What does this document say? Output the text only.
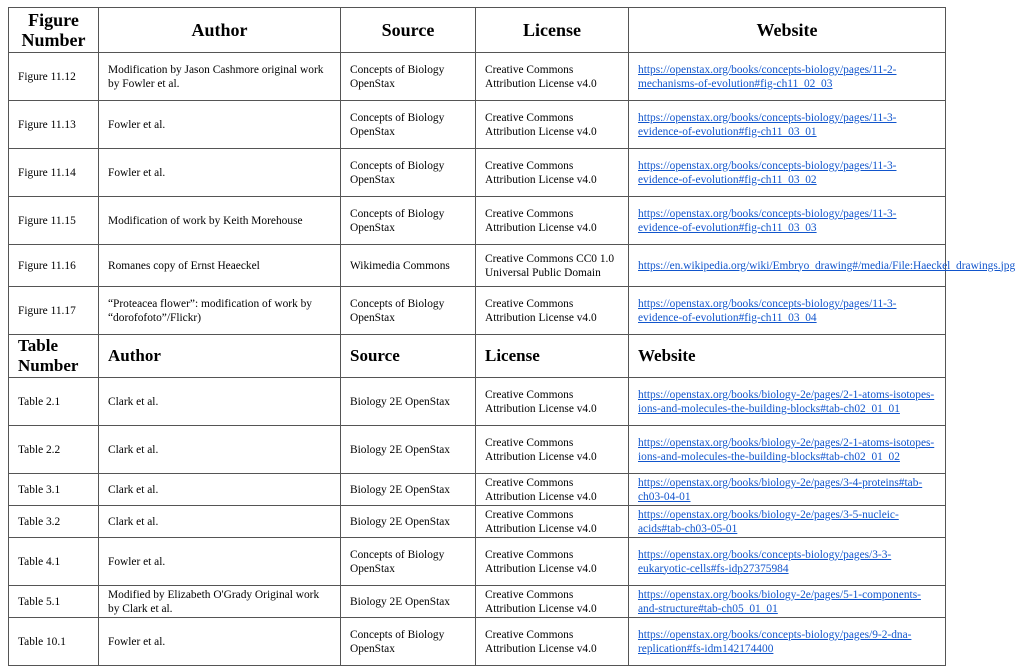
Figure Number	Author	Source	License	Website
Figure 11.12	Modification by Jason Cashmore original work by Fowler et al.	Concepts of Biology OpenStax	Creative Commons Attribution License v4.0	https://openstax.org/books/concepts-biology/pages/11-2-mechanisms-of-evolution#fig-ch11_02_03
Figure 11.13	Fowler et al.	Concepts of Biology OpenStax	Creative Commons Attribution License v4.0	https://openstax.org/books/concepts-biology/pages/11-3-evidence-of-evolution#fig-ch11_03_01
Figure 11.14	Fowler et al.	Concepts of Biology OpenStax	Creative Commons Attribution License v4.0	https://openstax.org/books/concepts-biology/pages/11-3-evidence-of-evolution#fig-ch11_03_02
Figure 11.15	Modification of work by Keith Morehouse	Concepts of Biology OpenStax	Creative Commons Attribution License v4.0	https://openstax.org/books/concepts-biology/pages/11-3-evidence-of-evolution#fig-ch11_03_03
Figure 11.16	Romanes copy of Ernst Heaeckel	Wikimedia Commons	Creative Commons CC0 1.0 Universal Public Domain	https://en.wikipedia.org/wiki/Embryo_drawing#/media/File:Haeckel_drawings.jpg
Figure 11.17	“Proteacea flower”: modification of work by “dorofofoto”/Flickr)	Concepts of Biology OpenStax	Creative Commons Attribution License v4.0	https://openstax.org/books/concepts-biology/pages/11-3-evidence-of-evolution#fig-ch11_03_04
Table Number	Author	Source	License	Website
Table 2.1	Clark et al.	Biology 2E OpenStax	Creative Commons Attribution License v4.0	https://openstax.org/books/biology-2e/pages/2-1-atoms-isotopes-ions-and-molecules-the-building-blocks#tab-ch02_01_01
Table 2.2	Clark et al.	Biology 2E OpenStax	Creative Commons Attribution License v4.0	https://openstax.org/books/biology-2e/pages/2-1-atoms-isotopes-ions-and-molecules-the-building-blocks#tab-ch02_01_02
Table 3.1	Clark et al.	Biology 2E OpenStax	Creative Commons Attribution License v4.0	https://openstax.org/books/biology-2e/pages/3-4-proteins#tab-ch03-04-01
Table 3.2	Clark et al.	Biology 2E OpenStax	Creative Commons Attribution License v4.0	https://openstax.org/books/biology-2e/pages/3-5-nucleic-acids#tab-ch03-05-01
Table 4.1	Fowler et al.	Concepts of Biology OpenStax	Creative Commons Attribution License v4.0	https://openstax.org/books/concepts-biology/pages/3-3-eukaryotic-cells#fs-idp27375984
Table 5.1	Modified by Elizabeth O'Grady Original work by Clark et al.	Biology 2E OpenStax	Creative Commons Attribution License v4.0	https://openstax.org/books/biology-2e/pages/5-1-components-and-structure#tab-ch05_01_01
Table 10.1	Fowler et al.	Concepts of Biology OpenStax	Creative Commons Attribution License v4.0	https://openstax.org/books/concepts-biology/pages/9-2-dna-replication#fs-idm142174400
